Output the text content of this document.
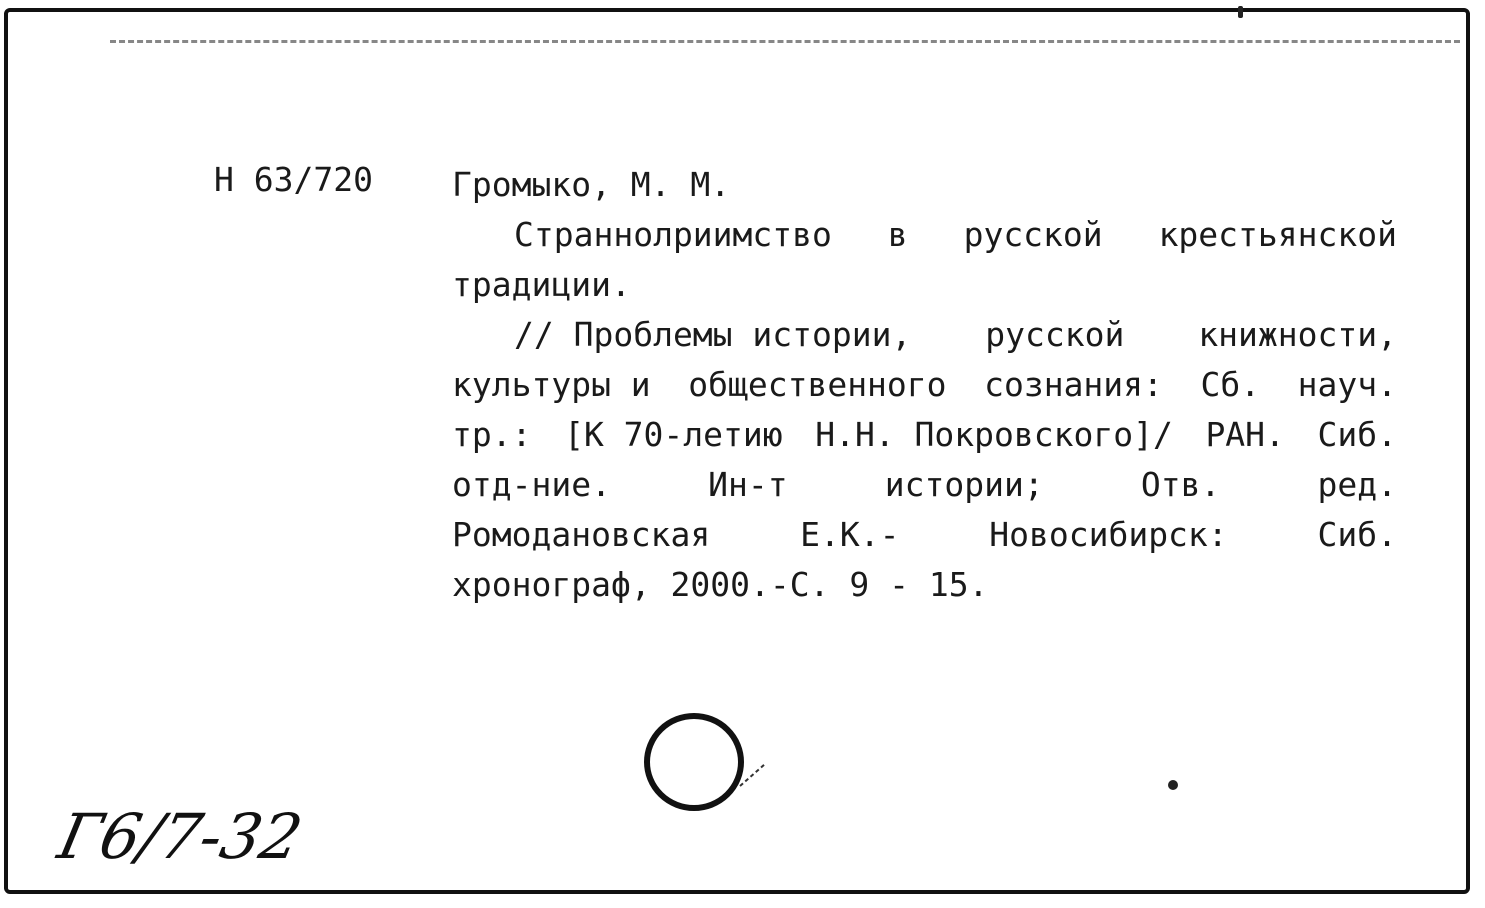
Н 63/720 Громыко, М. М.
Страннолриимство в русской крестьянской
традиции.
// Проблемы истории, русской книжности,
культуры и общественного сознания: Сб. науч.
тр.: [К 70-летию Н.Н. Покровского]/ РАН. Сиб.
отд-ние.	Ин-т	истории;	Отв.	ред.
Ромодановская	Е.К.-	Новосибирск:	Сиб.
хронограф, 2000.-С. 9 - 15.
Г6/7-32
